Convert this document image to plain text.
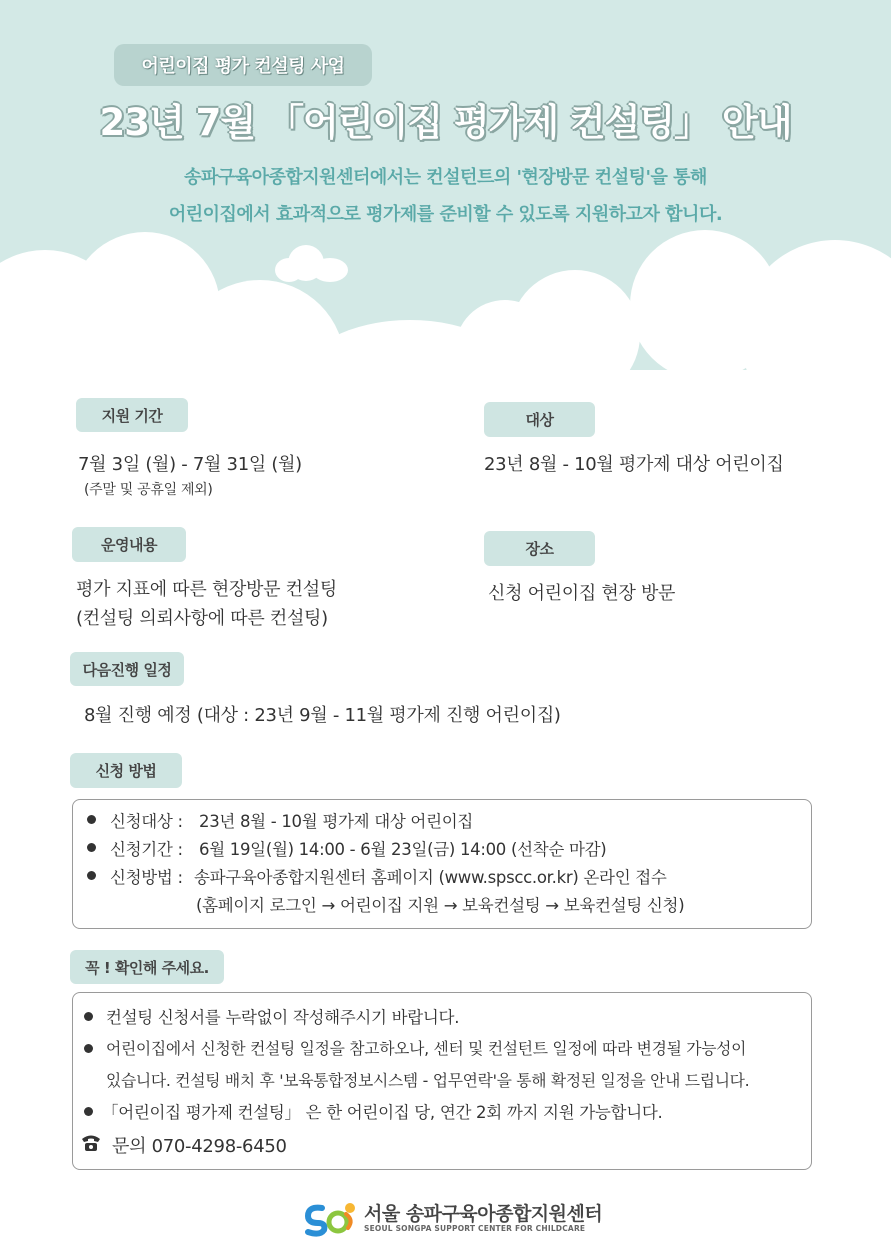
어린이집 평가 컨설팅 사업
23년 7월 「어린이집 평가제 컨설팅」 안내
송파구육아종합지원센터에서는 컨설턴트의 '현장방문 컨설팅'을 통해
어린이집에서 효과적으로 평가제를 준비할 수 있도록 지원하고자 합니다.
지원 기간
7월 3일 (월) - 7월 31일 (월)
(주말 및 공휴일 제외)
대상
23년 8월 - 10월 평가제 대상 어린이집
운영내용
평가 지표에 따른 현장방문 컨설팅
(컨설팅 의뢰사항에 따른 컨설팅)
장소
신청 어린이집 현장 방문
다음진행 일정
8월 진행 예정 (대상 : 23년 9월 - 11월 평가제 진행 어린이집)
신청 방법
신청대상 : 23년 8월 - 10월 평가제 대상 어린이집
신청기간 : 6월 19일(월) 14:00 - 6월 23일(금) 14:00 (선착순 마감)
신청방법 : 송파구육아종합지원센터 홈페이지 (www.spscc.or.kr) 온라인 접수
(홈페이지 로그인 → 어린이집 지원 → 보육컨설팅 → 보육컨설팅 신청)
꼭 ! 확인해 주세요.
컨설팅 신청서를 누락없이 작성해주시기 바랍니다.
어린이집에서 신청한 컨설팅 일정을 참고하오나, 센터 및 컨설턴트 일정에 따라 변경될 가능성이
있습니다. 컨설팅 배치 후 '보육통합정보시스템 - 업무연락'을 통해 확정된 일정을 안내 드립니다.
「어린이집 평가제 컨설팅」 은 한 어린이집 당, 연간 2회 까지 지원 가능합니다.
문의 070-4298-6450
서울 송파구육아종합지원센터
SEOUL SONGPA SUPPORT CENTER FOR CHILDCARE
